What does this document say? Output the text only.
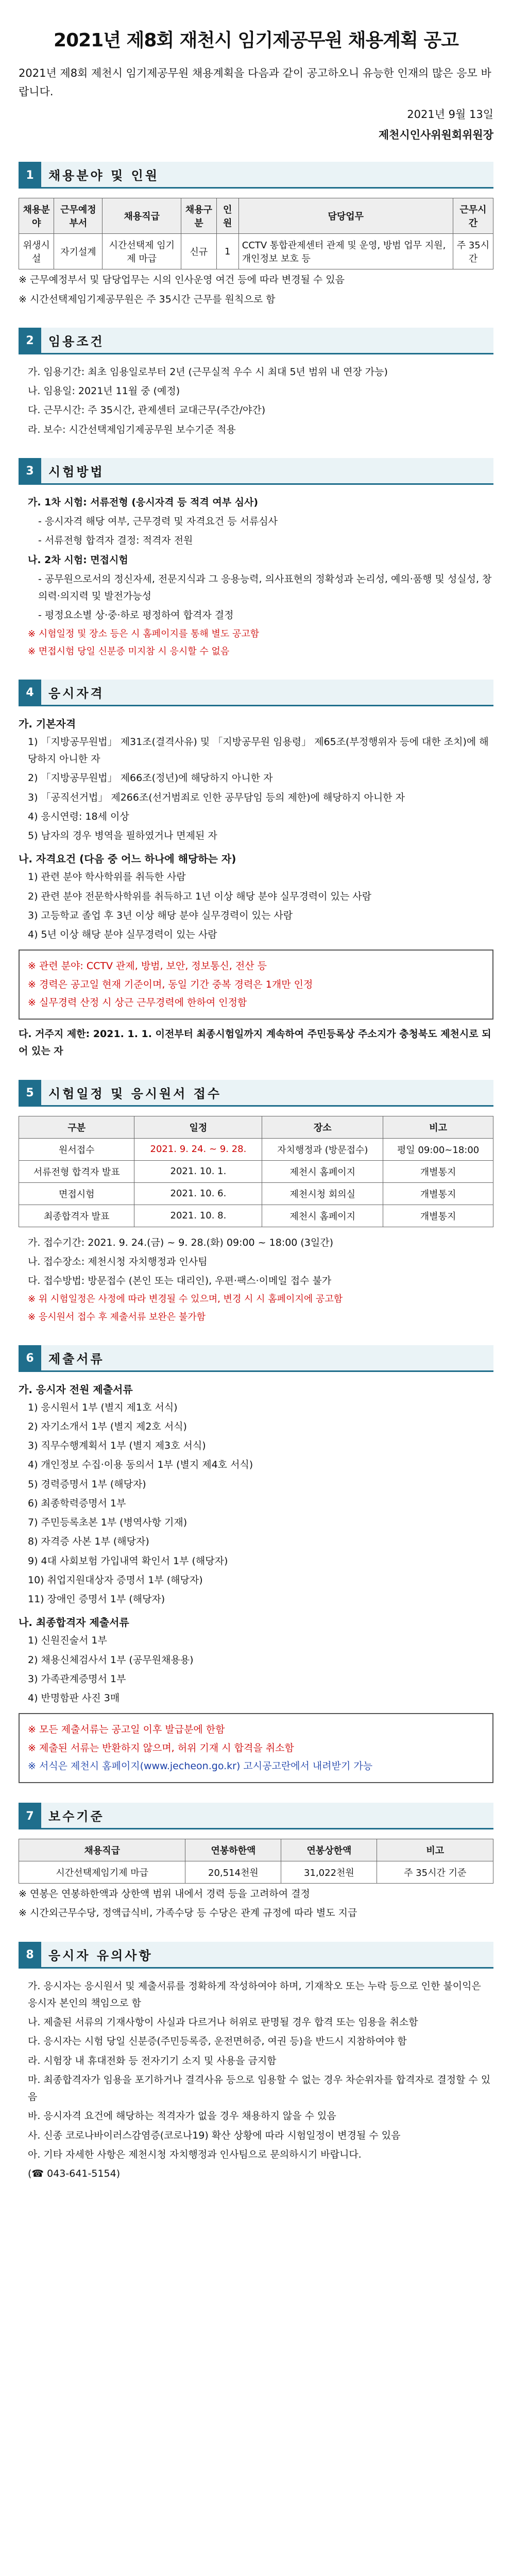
2021년 제8회 재천시 임기제공무원 채용계획 공고
2021년 제8회 제천시 임기제공무원 채용계획을 다음과 같이 공고하오니 유능한 인재의 많은 응모 바랍니다.
2021년 9월 13일
제천시인사위원회위원장
1	채용분야 및 인원
채용분야	근무예정부서	채용직급	채용구분	인원	담당업무	근무시간
위생시설	자기설계	시간선택제 임기제 마급	신규	1	CCTV 통합관제센터 관제 및 운영, 방범 업무 지원, 개인정보 보호 등	주 35시간
※ 근무예정부서 및 담당업무는 시의 인사운영 여건 등에 따라 변경될 수 있음
※ 시간선택제임기제공무원은 주 35시간 근무를 원칙으로 함
2	임용조건
가. 임용기간: 최초 임용일로부터 2년 (근무실적 우수 시 최대 5년 범위 내 연장 가능)
나. 임용일: 2021년 11월 중 (예정)
다. 근무시간: 주 35시간, 관제센터 교대근무(주간/야간)
라. 보수: 시간선택제임기제공무원 보수기준 적용
3	시험방법
가. 1차 시험: 서류전형 (응시자격 등 적격 여부 심사)
- 응시자격 해당 여부, 근무경력 및 자격요건 등 서류심사
- 서류전형 합격자 결정: 적격자 전원
나. 2차 시험: 면접시험
- 공무원으로서의 정신자세, 전문지식과 그 응용능력, 의사표현의 정확성과 논리성, 예의·품행 및 성실성, 창의력·의지력 및 발전가능성
- 평정요소별 상·중·하로 평정하여 합격자 결정
※ 시험일정 및 장소 등은 시 홈페이지를 통해 별도 공고함
※ 면접시험 당일 신분증 미지참 시 응시할 수 없음
4	응시자격
가. 기본자격
1) 「지방공무원법」 제31조(결격사유) 및 「지방공무원 임용령」 제65조(부정행위자 등에 대한 조치)에 해당하지 아니한 자
2) 「지방공무원법」 제66조(정년)에 해당하지 아니한 자
3) 「공직선거법」 제266조(선거범죄로 인한 공무담임 등의 제한)에 해당하지 아니한 자
4) 응시연령: 18세 이상
5) 남자의 경우 병역을 필하였거나 면제된 자
나. 자격요건 (다음 중 어느 하나에 해당하는 자)
1) 관련 분야 학사학위를 취득한 사람
2) 관련 분야 전문학사학위를 취득하고 1년 이상 해당 분야 실무경력이 있는 사람
3) 고등학교 졸업 후 3년 이상 해당 분야 실무경력이 있는 사람
4) 5년 이상 해당 분야 실무경력이 있는 사람
※ 관련 분야: CCTV 관제, 방범, 보안, 정보통신, 전산 등
※ 경력은 공고일 현재 기준이며, 동일 기간 중복 경력은 1개만 인정
※ 실무경력 산정 시 상근 근무경력에 한하여 인정함
다. 거주지 제한: 2021. 1. 1. 이전부터 최종시험일까지 계속하여 주민등록상 주소지가 충청북도 제천시로 되어 있는 자
5	시험일정 및 응시원서 접수
구분	일정	장소	비고
원서접수	2021. 9. 24. ~ 9. 28.	자치행정과 (방문접수)	평일 09:00~18:00
서류전형 합격자 발표	2021. 10. 1.	제천시 홈페이지	개별통지
면접시험	2021. 10. 6.	제천시청 회의실	개별통지
최종합격자 발표	2021. 10. 8.	제천시 홈페이지	개별통지
가. 접수기간: 2021. 9. 24.(금) ~ 9. 28.(화) 09:00 ~ 18:00 (3일간)
나. 접수장소: 제천시청 자치행정과 인사팀
다. 접수방법: 방문접수 (본인 또는 대리인), 우편·팩스·이메일 접수 불가
※ 위 시험일정은 사정에 따라 변경될 수 있으며, 변경 시 시 홈페이지에 공고함
※ 응시원서 접수 후 제출서류 보완은 불가함
6	제출서류
가. 응시자 전원 제출서류
1) 응시원서 1부 (별지 제1호 서식)
2) 자기소개서 1부 (별지 제2호 서식)
3) 직무수행계획서 1부 (별지 제3호 서식)
4) 개인정보 수집·이용 동의서 1부 (별지 제4호 서식)
5) 경력증명서 1부 (해당자)
6) 최종학력증명서 1부
7) 주민등록초본 1부 (병역사항 기재)
8) 자격증 사본 1부 (해당자)
9) 4대 사회보험 가입내역 확인서 1부 (해당자)
10) 취업지원대상자 증명서 1부 (해당자)
11) 장애인 증명서 1부 (해당자)
나. 최종합격자 제출서류
1) 신원진술서 1부
2) 채용신체검사서 1부 (공무원채용용)
3) 가족관계증명서 1부
4) 반명함판 사진 3매
※ 모든 제출서류는 공고일 이후 발급분에 한함
※ 제출된 서류는 반환하지 않으며, 허위 기재 시 합격을 취소함
※ 서식은 제천시 홈페이지(www.jecheon.go.kr) 고시공고란에서 내려받기 가능
7	보수기준
채용직급	연봉하한액	연봉상한액	비고
시간선택제임기제 마급	20,514천원	31,022천원	주 35시간 기준
※ 연봉은 연봉하한액과 상한액 범위 내에서 경력 등을 고려하여 결정
※ 시간외근무수당, 정액급식비, 가족수당 등 수당은 관계 규정에 따라 별도 지급
8	응시자 유의사항
가. 응시자는 응시원서 및 제출서류를 정확하게 작성하여야 하며, 기재착오 또는 누락 등으로 인한 불이익은 응시자 본인의 책임으로 함
나. 제출된 서류의 기재사항이 사실과 다르거나 허위로 판명될 경우 합격 또는 임용을 취소함
다. 응시자는 시험 당일 신분증(주민등록증, 운전면허증, 여권 등)을 반드시 지참하여야 함
라. 시험장 내 휴대전화 등 전자기기 소지 및 사용을 금지함
마. 최종합격자가 임용을 포기하거나 결격사유 등으로 임용할 수 없는 경우 차순위자를 합격자로 결정할 수 있음
바. 응시자격 요건에 해당하는 적격자가 없을 경우 채용하지 않을 수 있음
사. 신종 코로나바이러스감염증(코로나19) 확산 상황에 따라 시험일정이 변경될 수 있음
아. 기타 자세한 사항은 제천시청 자치행정과 인사팀으로 문의하시기 바랍니다.
(☎ 043-641-5154)
